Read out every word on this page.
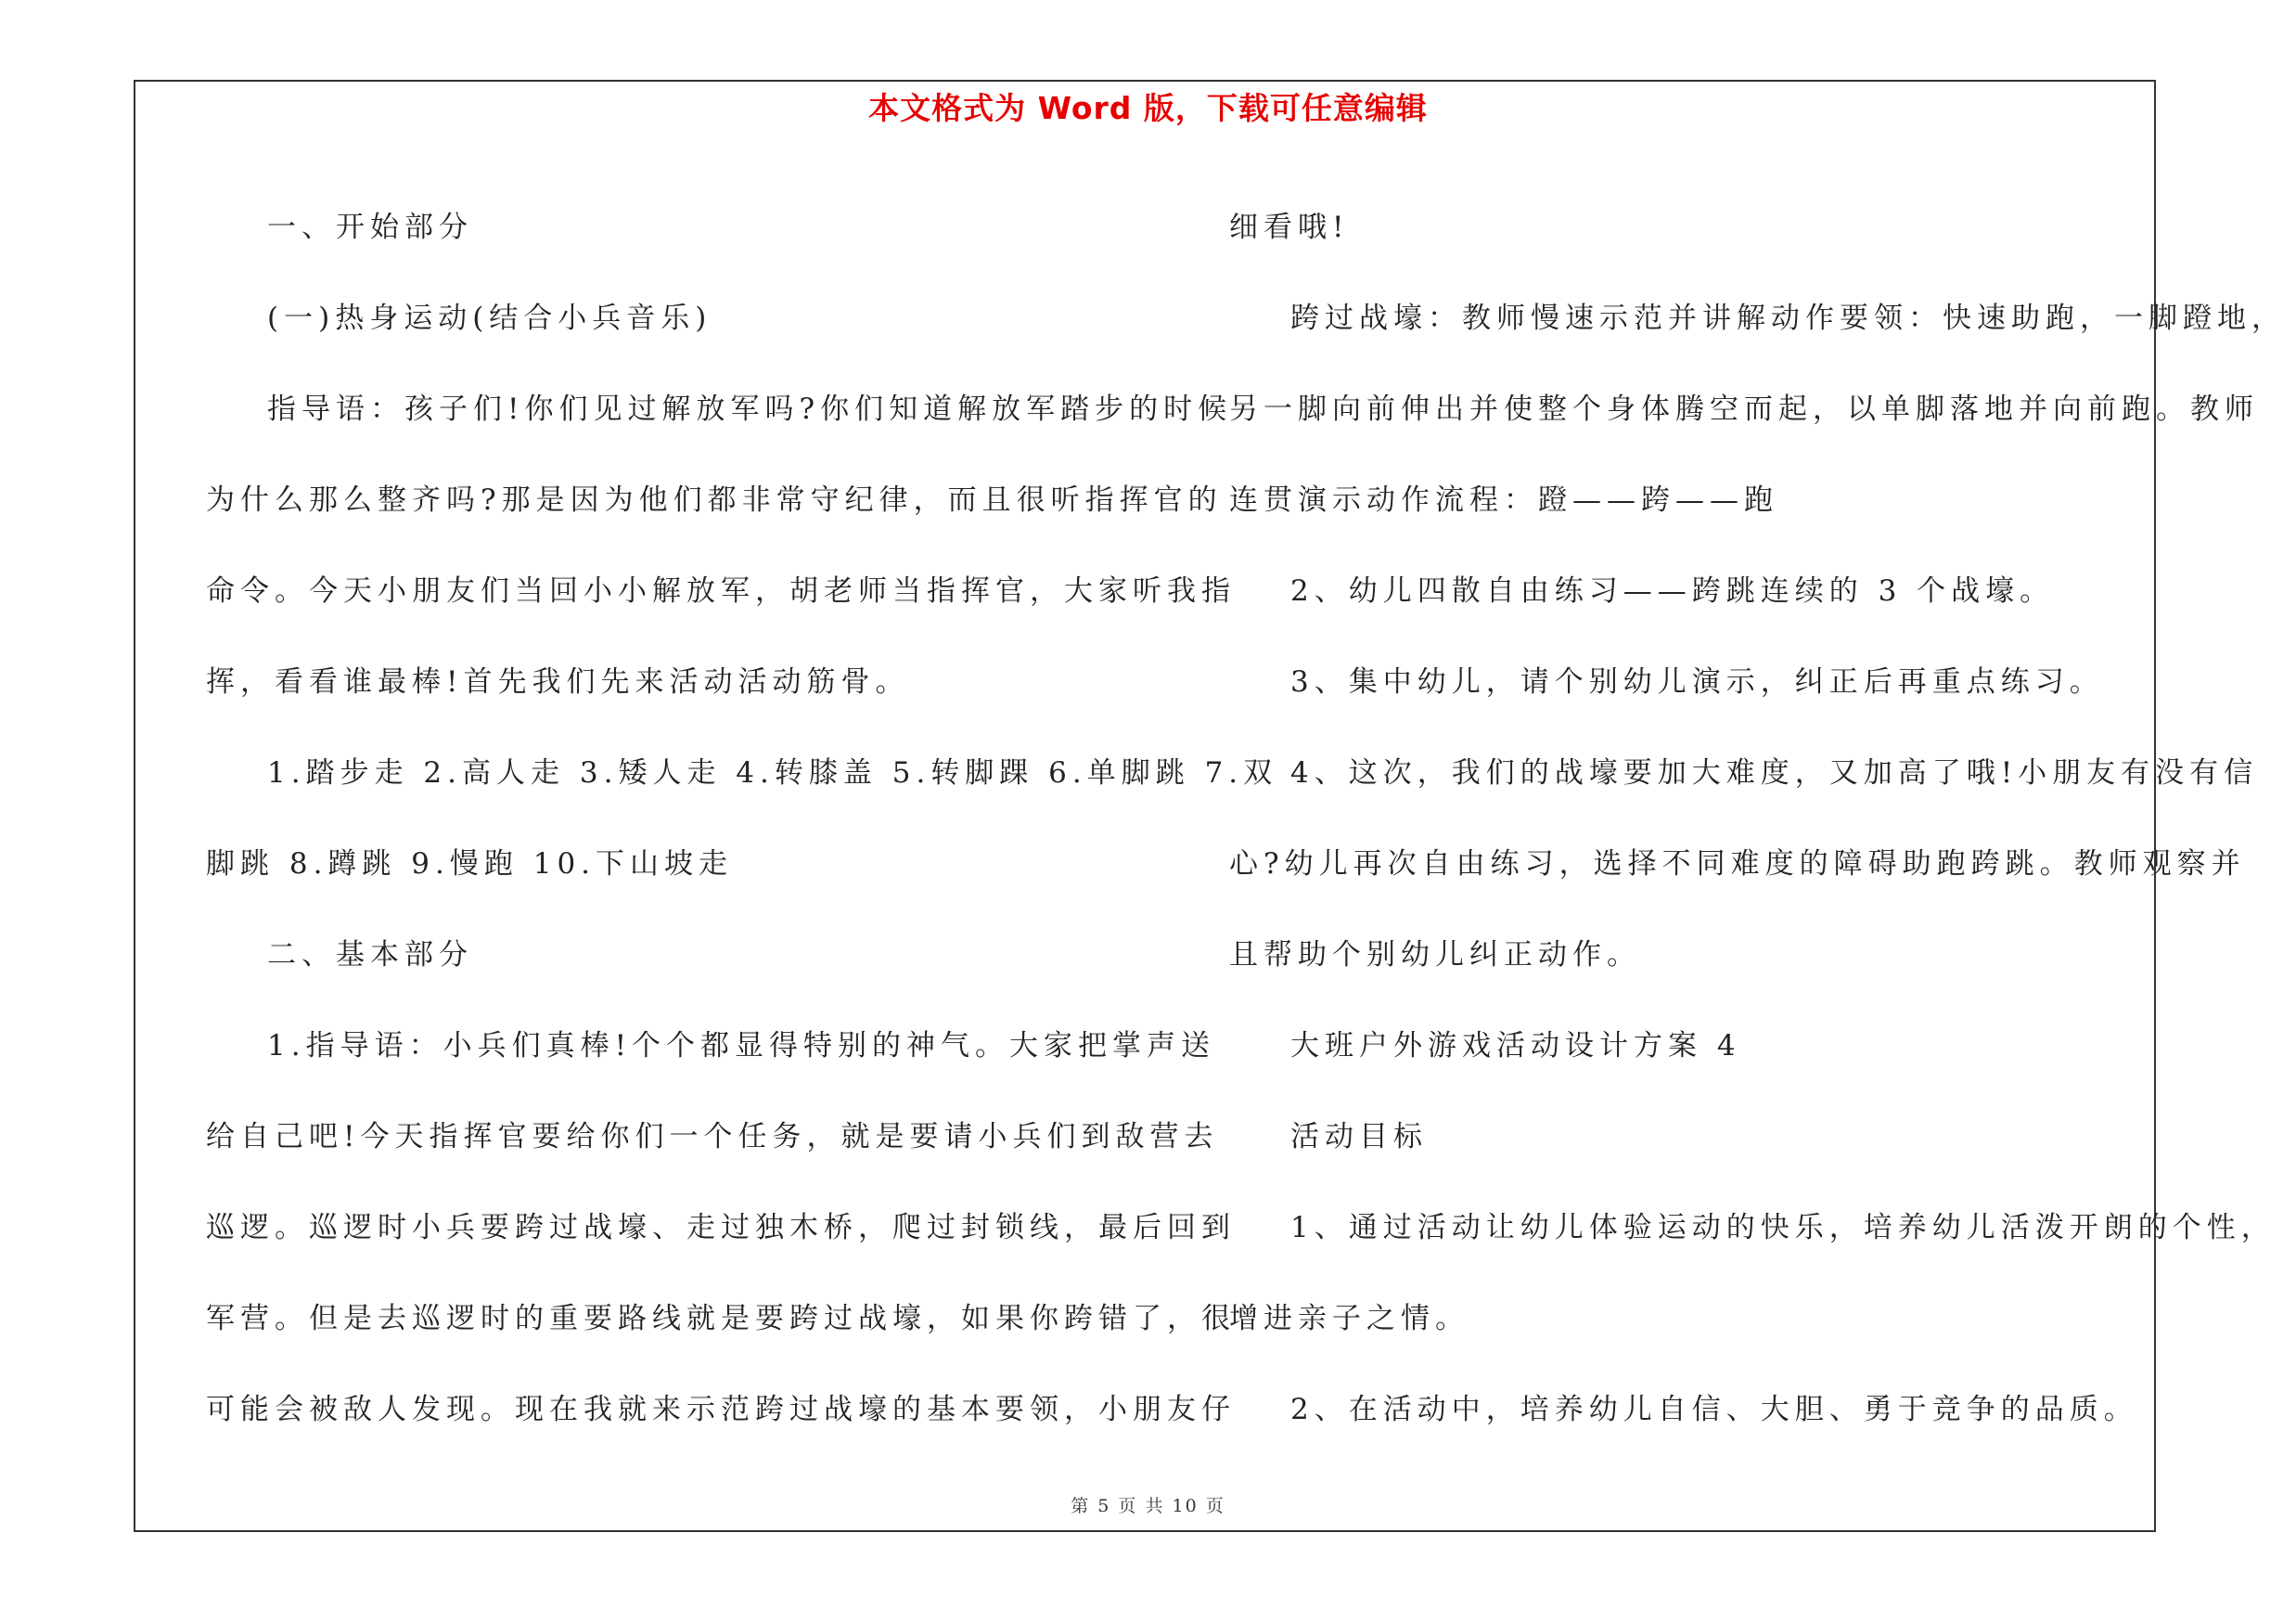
本文格式为 Word 版，下载可任意编辑
一、开始部分
(一)热身运动(结合小兵音乐)
指导语：孩子们!你们见过解放军吗?你们知道解放军踏步的时候
为什么那么整齐吗?那是因为他们都非常守纪律，而且很听指挥官的
命令。今天小朋友们当回小小解放军，胡老师当指挥官，大家听我指
挥，看看谁最棒!首先我们先来活动活动筋骨。
1.踏步走 2.高人走 3.矮人走 4.转膝盖 5.转脚踝 6.单脚跳 7.双
脚跳 8.蹲跳 9.慢跑 10.下山坡走
二、基本部分
1.指导语：小兵们真棒!个个都显得特别的神气。大家把掌声送
给自己吧!今天指挥官要给你们一个任务，就是要请小兵们到敌营去
巡逻。巡逻时小兵要跨过战壕、走过独木桥，爬过封锁线，最后回到
军营。但是去巡逻时的重要路线就是要跨过战壕，如果你跨错了，很
可能会被敌人发现。现在我就来示范跨过战壕的基本要领，小朋友仔
细看哦!
跨过战壕：教师慢速示范并讲解动作要领：快速助跑，一脚蹬地，
另一脚向前伸出并使整个身体腾空而起，以单脚落地并向前跑。教师
连贯演示动作流程：蹬——跨——跑
2、幼儿四散自由练习——跨跳连续的 3 个战壕。
3、集中幼儿，请个别幼儿演示，纠正后再重点练习。
4、这次，我们的战壕要加大难度，又加高了哦!小朋友有没有信
心?幼儿再次自由练习，选择不同难度的障碍助跑跨跳。教师观察并
且帮助个别幼儿纠正动作。
大班户外游戏活动设计方案 4
活动目标
1、通过活动让幼儿体验运动的快乐，培养幼儿活泼开朗的个性，
增进亲子之情。
2、在活动中，培养幼儿自信、大胆、勇于竞争的品质。
第 5 页 共 10 页
